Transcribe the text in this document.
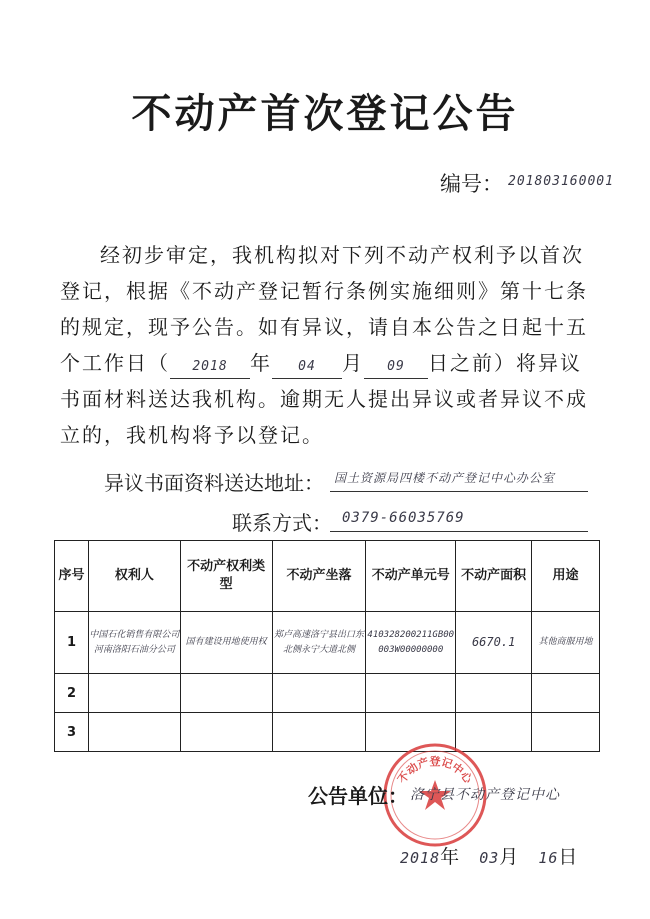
不动产首次登记公告
编号： 201803160001
经初步审定，我机构拟对下列不动产权利予以首次
登记，根据《不动产登记暂行条例实施细则》第十七条
的规定，现予公告。如有异议，请自本公告之日起十五
个工作日（ 2018 年 04 月 09 日之前）将异议
书面材料送达我机构。逾期无人提出异议或者异议不成
立的，我机构将予以登记。
异议书面资料送达地址： 国土资源局四楼不动产登记中心办公室
联系方式： 0379-66035769
序号	权利人	不动产权利类型	不动产坐落	不动产单元号	不动产面积	用途
1	中国石化销售有限公司河南洛阳石油分公司	国有建设用地使用权	郑卢高速洛宁县出口东北侧永宁大道北侧	410328200211GB00003W00000000	6670.1	其他商服用地
2						
3						
不动产登记中心
公告单位： 洛宁县不动产登记中心
2018年 03月 16日
